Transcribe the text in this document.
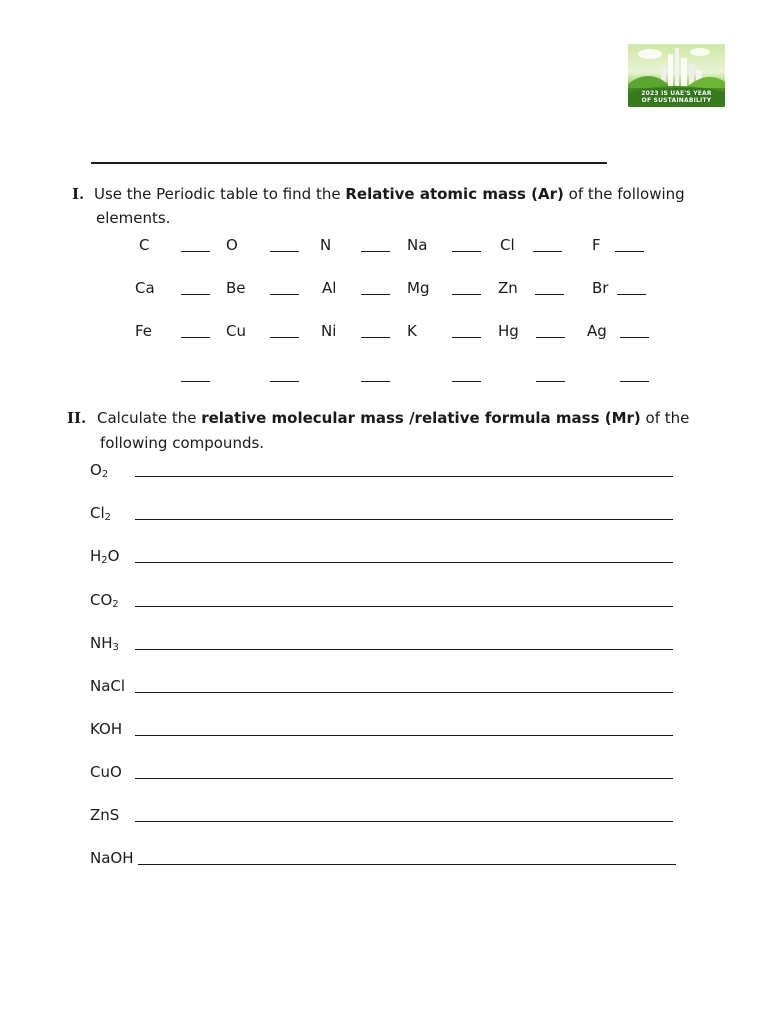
2023 IS UAE'S YEAR
OF SUSTAINABILITY
I. Use the Periodic table to find the Relative atomic mass (Ar) of the following
elements.
C	O	N	Na	Cl	F
Ca	Be	Al	Mg	Zn	Br
Fe	Cu	Ni	K	Hg	Ag
II. Calculate the relative molecular mass /relative formula mass (Mr) of the
following compounds.
$O_2$
$Cl_2$
$H_2O$
$CO_2$
$NH_3$
NaCl
KOH
CuO
ZnS
NaOH
